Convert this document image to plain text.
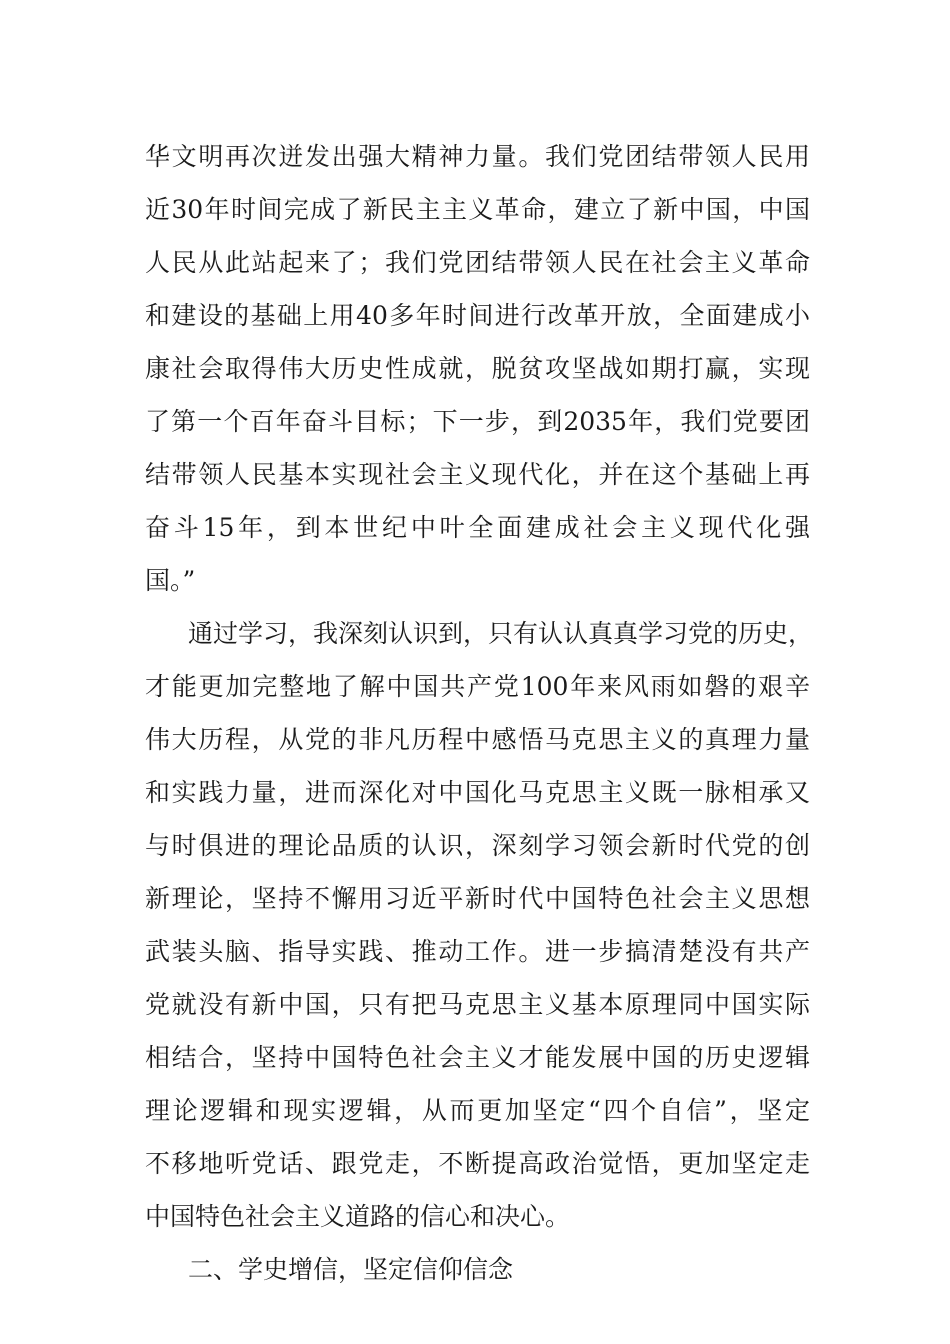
华文明再次迸发出强大精神力量。我们党团结带领人民用
近30年时间完成了新民主主义革命，建立了新中国，中国
人民从此站起来了；我们党团结带领人民在社会主义革命
和建设的基础上用40多年时间进行改革开放，全面建成小
康社会取得伟大历史性成就，脱贫攻坚战如期打赢，实现
了第一个百年奋斗目标；下一步，到2035年，我们党要团
结带领人民基本实现社会主义现代化，并在这个基础上再
奋斗15年，到本世纪中叶全面建成社会主义现代化强
国。”
通过学习，我深刻认识到，只有认认真真学习党的历史，
才能更加完整地了解中国共产党100年来风雨如磐的艰辛
伟大历程，从党的非凡历程中感悟马克思主义的真理力量
和实践力量，进而深化对中国化马克思主义既一脉相承又
与时俱进的理论品质的认识，深刻学习领会新时代党的创
新理论，坚持不懈用习近平新时代中国特色社会主义思想
武装头脑、指导实践、推动工作。进一步搞清楚没有共产
党就没有新中国，只有把马克思主义基本原理同中国实际
相结合，坚持中国特色社会主义才能发展中国的历史逻辑
理论逻辑和现实逻辑，从而更加坚定“四个自信”，坚定
不移地听党话、跟党走，不断提高政治觉悟，更加坚定走
中国特色社会主义道路的信心和决心。
二、学史增信，坚定信仰信念
